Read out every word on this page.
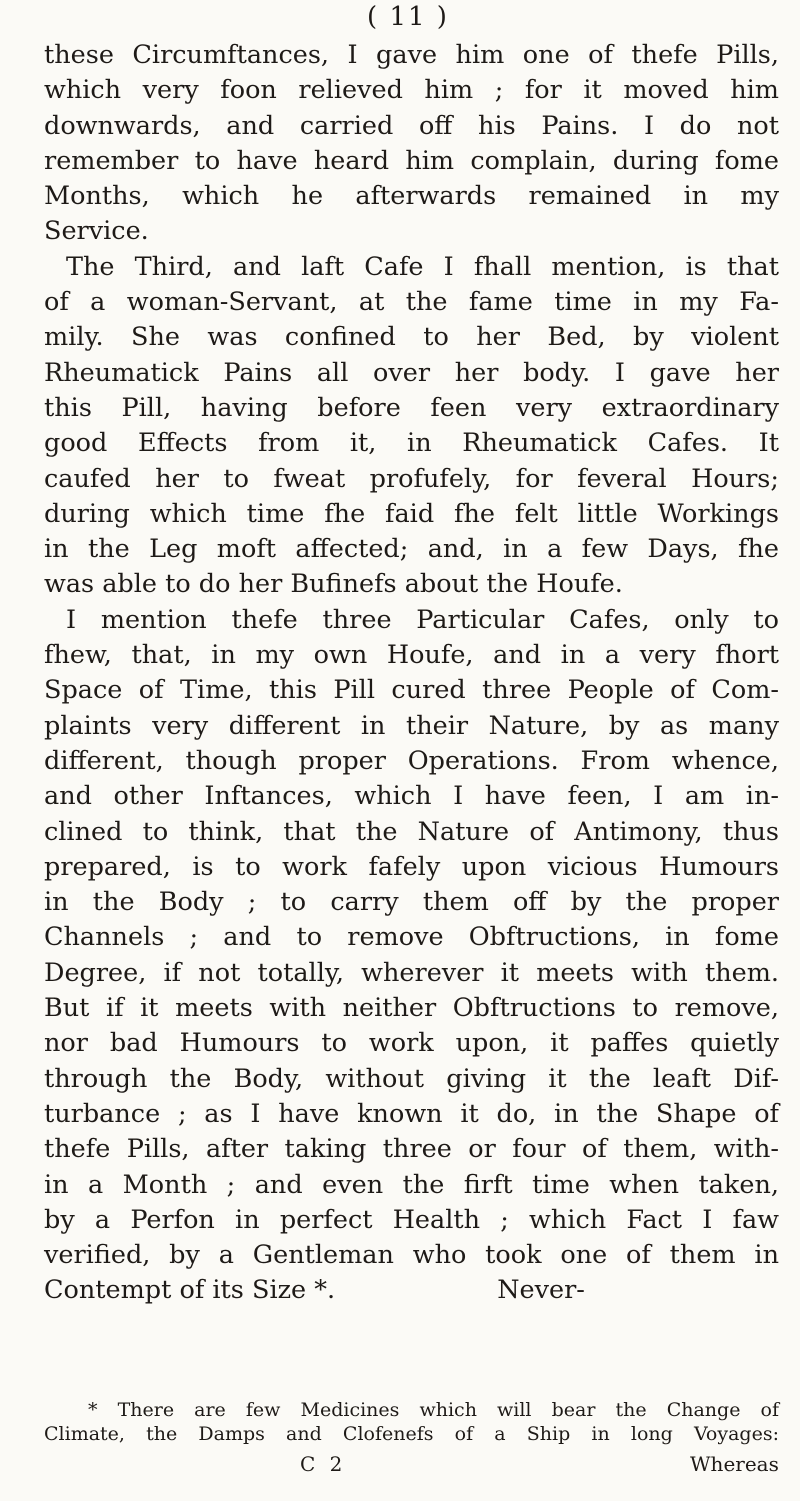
( 11 )
these Circumftances, I gave him one of thefe Pills,
which very foon relieved him ; for it moved him
downwards, and carried off his Pains. I do not
remember to have heard him complain, during fome
Months, which he afterwards remained in my
Service.
The Third, and laft Cafe I fhall mention, is that
of a woman-Servant, at the fame time in my Fa-
mily. She was confined to her Bed, by violent
Rheumatick Pains all over her body. I gave her
this Pill, having before feen very extraordinary
good Effects from it, in Rheumatick Cafes. It
caufed her to fweat profufely, for feveral Hours;
during which time fhe faid fhe felt little Workings
in the Leg moft affected; and, in a few Days, fhe
was able to do her Bufinefs about the Houfe.
I mention thefe three Particular Cafes, only to
fhew, that, in my own Houfe, and in a very fhort
Space of Time, this Pill cured three People of Com-
plaints very different in their Nature, by as many
different, though proper Operations. From whence,
and other Inftances, which I have feen, I am in-
clined to think, that the Nature of Antimony, thus
prepared, is to work fafely upon vicious Humours
in the Body ; to carry them off by the proper
Channels ; and to remove Obftructions, in fome
Degree, if not totally, wherever it meets with them.
But if it meets with neither Obftructions to remove,
nor bad Humours to work upon, it paffes quietly
through the Body, without giving it the leaft Dif-
turbance ; as I have known it do, in the Shape of
thefe Pills, after taking three or four of them, with-
in a Month ; and even the firft time when taken,
by a Perfon in perfect Health ; which Fact I faw
verified, by a Gentleman who took one of them in
Contempt of its Size *.                    Never-
* There are few Medicines which will bear the Change of
Climate, the Damps and Clofenefs of a Ship in long Voyages:
C 2	Whereas
